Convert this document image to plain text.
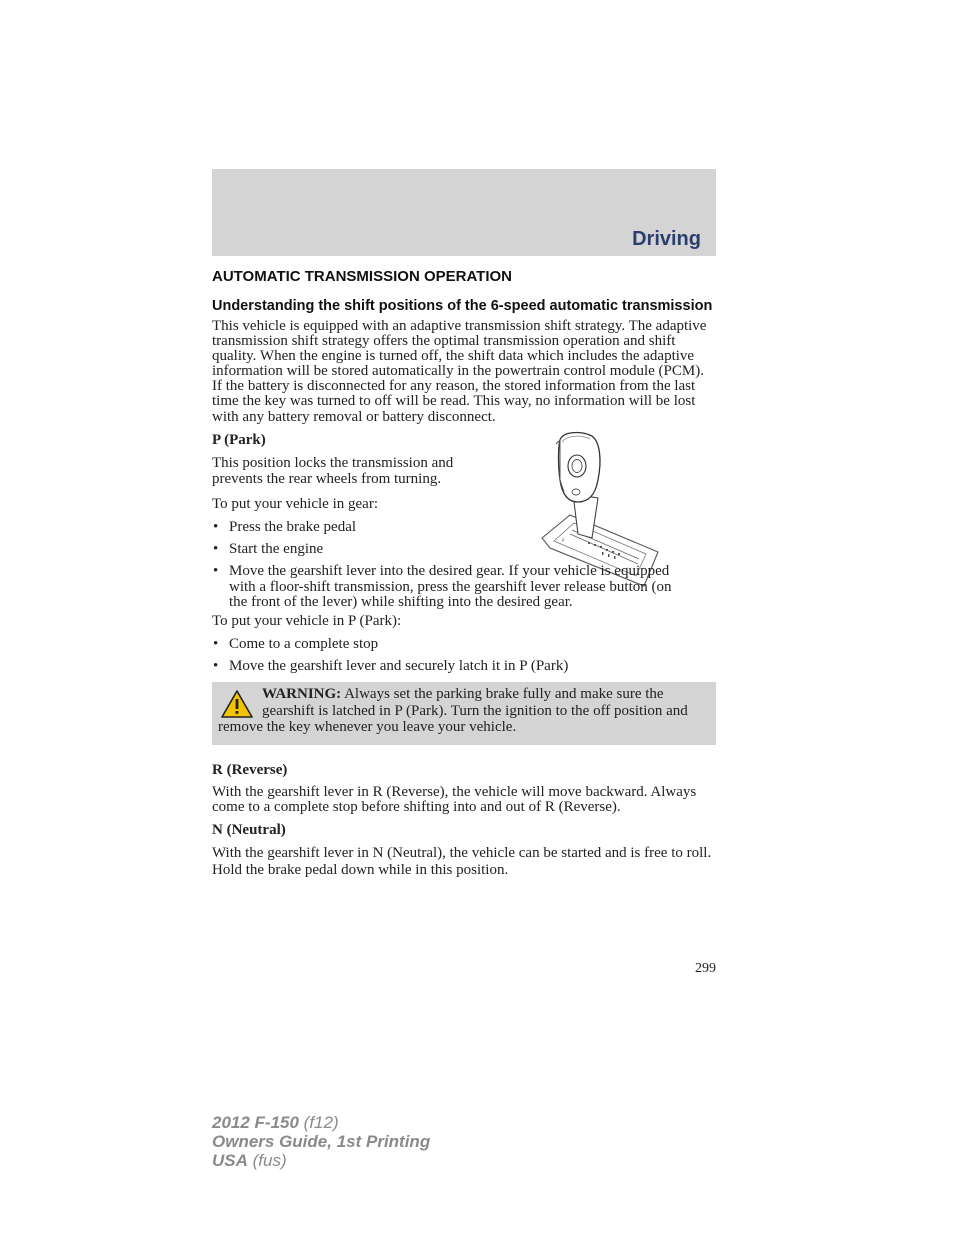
Driving
AUTOMATIC TRANSMISSION OPERATION
Understanding the shift positions of the 6-speed automatic transmission

This vehicle is equipped with an adaptive transmission shift strategy. The adaptive transmission shift strategy offers the optimal transmission operation and shift quality. When the engine is turned off, the shift data which includes the adaptive information will be stored automatically in the powertrain control module (PCM). If the battery is disconnected for any reason, the stored information from the last time the key was turned to off will be read. This way, no information will be lost with any battery removal or battery disconnect.

P (Park)

P

This position locks the transmission and prevents the rear wheels from turning.

To put your vehicle in gear:

• Press the brake pedal
• Start the engine
• Move the gearshift lever into the desired gear. If your vehicle is equipped with a floor-shift transmission, press the gearshift lever release button (on the front of the lever) while shifting into the desired gear.

To put your vehicle in P (Park):

• Come to a complete stop
• Move the gearshift lever and securely latch it in P (Park)
WARNING: Always set the parking brake fully and make sure the gearshift is latched in P (Park). Turn the ignition to the off position and remove the key whenever you leave your vehicle.

R (Reverse)

With the gearshift lever in R (Reverse), the vehicle will move backward. Always come to a complete stop before shifting into and out of R (Reverse).

N (Neutral)

With the gearshift lever in N (Neutral), the vehicle can be started and is free to roll. Hold the brake pedal down while in this position.

299
2012 F-150 (f12)
Owners Guide, 1st Printing
USA (fus)
